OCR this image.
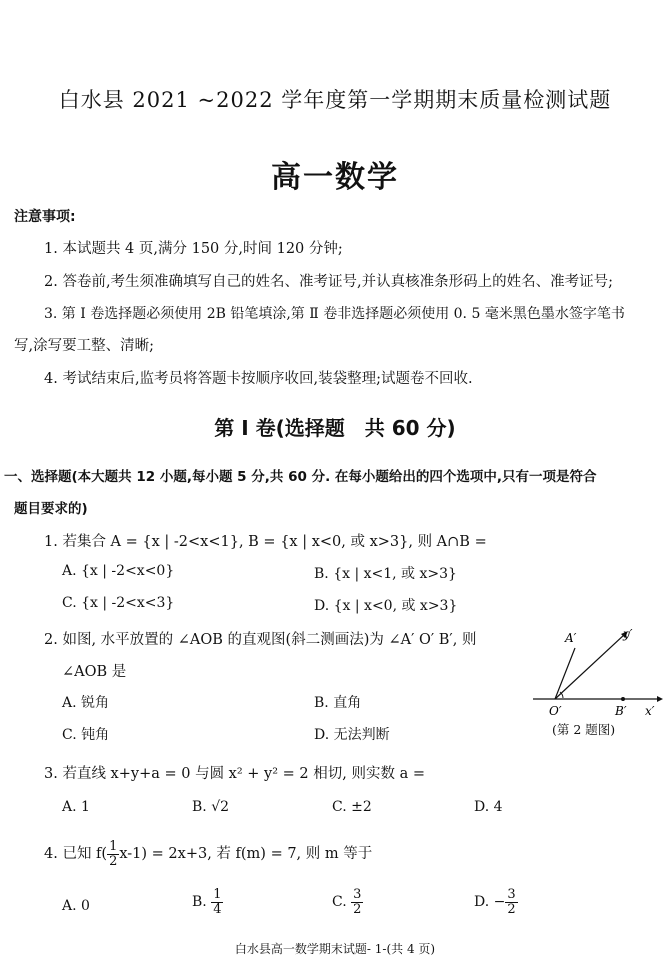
白水县 2021 ~2022 学年度第一学期期末质量检测试题
高一数学
注意事项:
1. 本试题共 4 页,满分 150 分,时间 120 分钟;
2. 答卷前,考生须准确填写自己的姓名、准考证号,并认真核准条形码上的姓名、准考证号;
3. 第 Ⅰ 卷选择题必须使用 2B 铅笔填涂,第 Ⅱ 卷非选择题必须使用 0. 5 毫米黑色墨水签字笔书
写,涂写要工整、清晰;
4. 考试结束后,监考员将答题卡按顺序收回,装袋整理;试题卷不回收.
第 Ⅰ 卷(选择题　共 60 分)
一、选择题(本大题共 12 小题,每小题 5 分,共 60 分. 在每小题给出的四个选项中,只有一项是符合
题目要求的)
1. 若集合 A = {x | -2<x<1}, B = {x | x<0, 或 x>3}, 则 A∩B =
A. {x | -2<x<0}	B. {x | x<1, 或 x>3}
C. {x | -2<x<3}	D. {x | x<0, 或 x>3}
2. 如图, 水平放置的 ∠AOB 的直观图(斜二测画法)为 ∠A′ O′ B′, 则
∠AOB 是
A. 锐角	B. 直角
C. 钝角	D. 无法判断
A′	y′
O′	B′ x′
(第 2 题图)
3. 若直线 x+y+a = 0 与圆 x² + y² = 2 相切, 则实数 a =
A. 1	B. √2	C. ±2	D. 4
4. 已知 $f( \frac{1}{2} x-1) = 2x+3$, 若 f(m) = 7, 则 m 等于
A. 0	B. $\frac{1}{4}$	C. $\frac{3}{2}$	D. − $\frac{3}{2}$
白水县高一数学期末试题- 1-(共 4 页)
